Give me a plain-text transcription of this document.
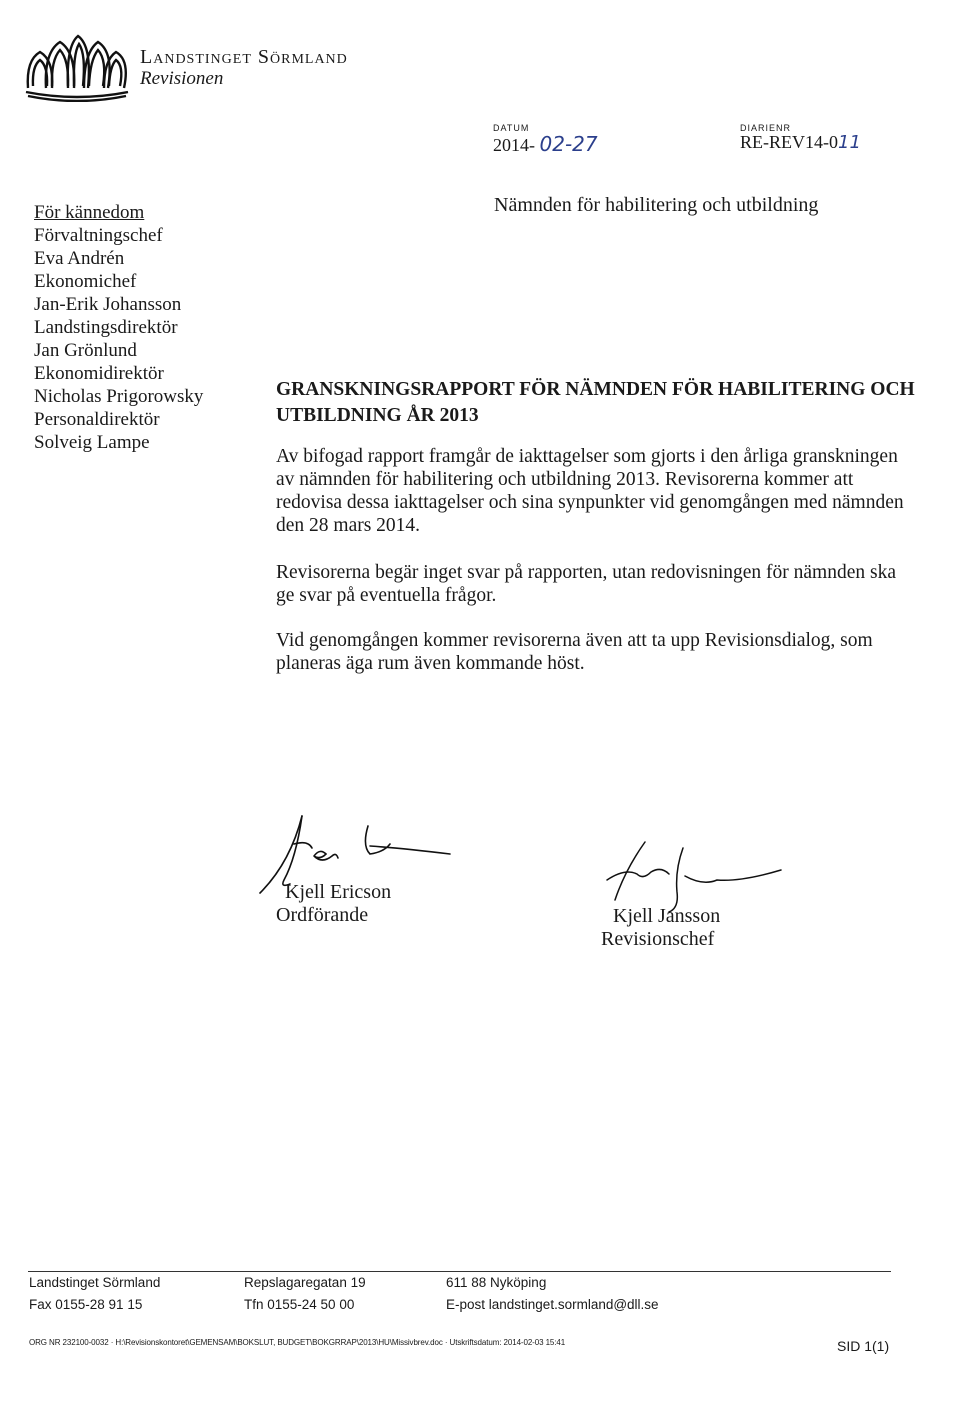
Landstinget Sörmland
Revisionen
DATUM
2014- 02-27
DIARIENR
RE-REV14-011
För kännedom
Förvaltningschef
Eva Andrén
Ekonomichef
Jan-Erik Johansson
Landstingsdirektör
Jan Grönlund
Ekonomidirektör
Nicholas Prigorowsky
Personaldirektör
Solveig Lampe
Nämnden för habilitering och utbildning
GRANSKNINGSRAPPORT FÖR NÄMNDEN FÖR HABILITERING OCH UTBILDNING ÅR 2013
Av bifogad rapport framgår de iakttagelser som gjorts i den årliga granskningen av nämnden för habilitering och utbildning 2013. Revisorerna kommer att redovisa dessa iakttagelser och sina synpunkter vid genomgången med nämnden den 28 mars 2014.
Revisorerna begär inget svar på rapporten, utan redovisningen för nämnden ska ge svar på eventuella frågor.
Vid genomgången kommer revisorerna även att ta upp Revisionsdialog, som planeras äga rum även kommande höst.
Kjell Ericson
Ordförande	Kjell Jansson
Revisionschef
Landstinget Sörmland
Fax 0155-28 91 15
Repslagaregatan 19
Tfn 0155-24 50 00
611 88 Nyköping
E-post landstinget.sormland@dll.se
ORG NR 232100-0032 · H:\Revisionskontoret\GEMENSAM\BOKSLUT, BUDGET\BOKGRRAP\2013\HU\Missivbrev.doc · Utskriftsdatum: 2014-02-03 15:41	SID 1(1)
